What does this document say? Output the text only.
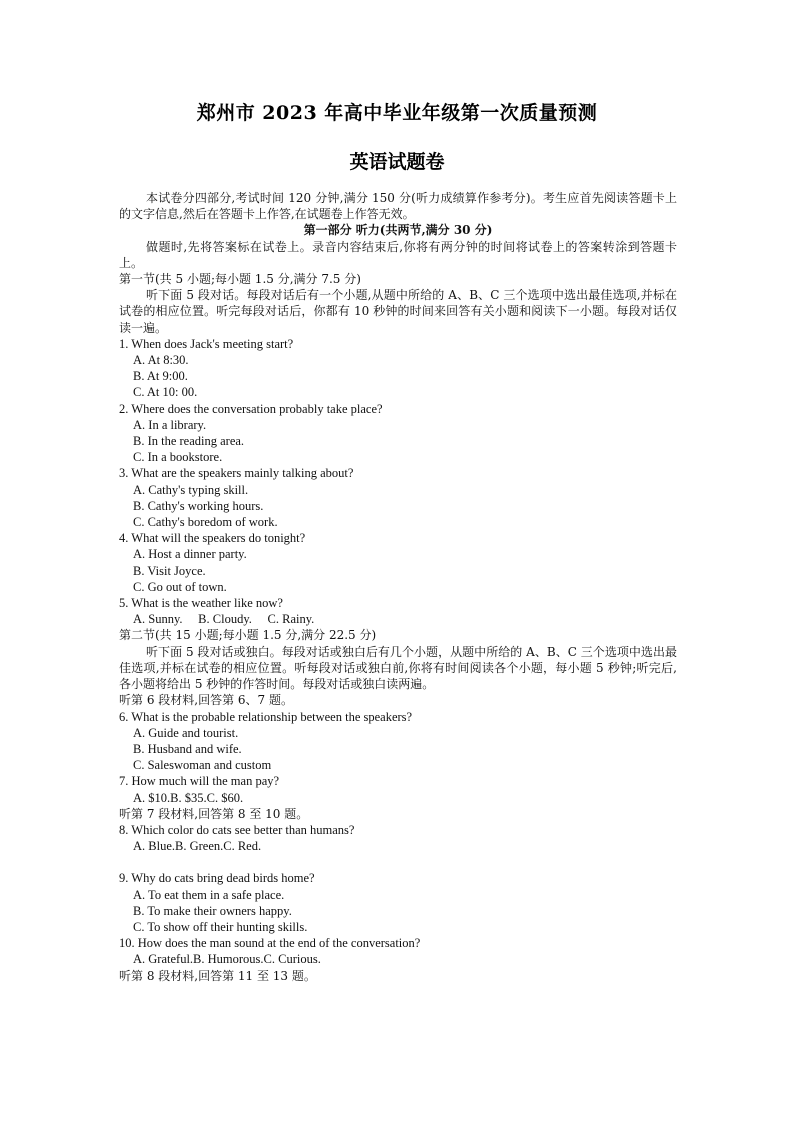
郑州市 2023 年高中毕业年级第一次质量预测
英语试题卷

本试卷分四部分,考试时间 120 分钟,满分 150 分(听力成绩算作参考分)。考生应首先阅读答题卡上的文字信息,然后在答题卡上作答,在试题卷上作答无效。

第一部分 听力(共两节,满分 30 分)

做题时,先将答案标在试卷上。录音内容结束后,你将有两分钟的时间将试卷上的答案转涂到答题卡上。

第一节(共 5 小题;每小题 1.5 分,满分 7.5 分)

听下面 5 段对话。每段对话后有一个小题,从题中所给的 A、B、C 三个选项中选出最佳选项,并标在试卷的相应位置。听完每段对话后，你都有 10 秒钟的时间来回答有关小题和阅读下一小题。每段对话仅读一遍。

1. When does Jack's meeting start?

A. At 8:30.

B. At 9:00.

C. At 10: 00.

2. Where does the conversation probably take place?

A. In a library.

B. In the reading area.

C. In a bookstore.

3. What are the speakers mainly talking about?

A. Cathy's typing skill.

B. Cathy's working hours.

C. Cathy's boredom of work.

4. What will the speakers do tonight?

A. Host a dinner party.

B. Visit Joyce.

C. Go out of town.

5. What is the weather like now?

A. Sunny. B. Cloudy. C. Rainy.

第二节(共 15 小题;每小题 1.5 分,满分 22.5 分)

听下面 5 段对话或独白。每段对话或独白后有几个小题，从题中所给的 A、B、C 三个选项中选出最佳选项,并标在试卷的相应位置。听每段对话或独白前,你将有时间阅读各个小题，每小题 5 秒钟;听完后,各小题将给出 5 秒钟的作答时间。每段对话或独白读两遍。

听第 6 段材料,回答第 6、7 题。

6. What is the probable relationship between the speakers?

A. Guide and tourist.

B. Husband and wife.

C. Saleswoman and custom

7. How much will the man pay?

A. $10.B. $35.C. $60.

听第 7 段材料,回答第 8 至 10 题。

8. Which color do cats see better than humans?

A. Blue.B. Green.C. Red.

9. Why do cats bring dead birds home?

A. To eat them in a safe place.

B. To make their owners happy.

C. To show off their hunting skills.

10. How does the man sound at the end of the conversation?

A. Grateful.B. Humorous.C. Curious.

听第 8 段材料,回答第 11 至 13 题。
